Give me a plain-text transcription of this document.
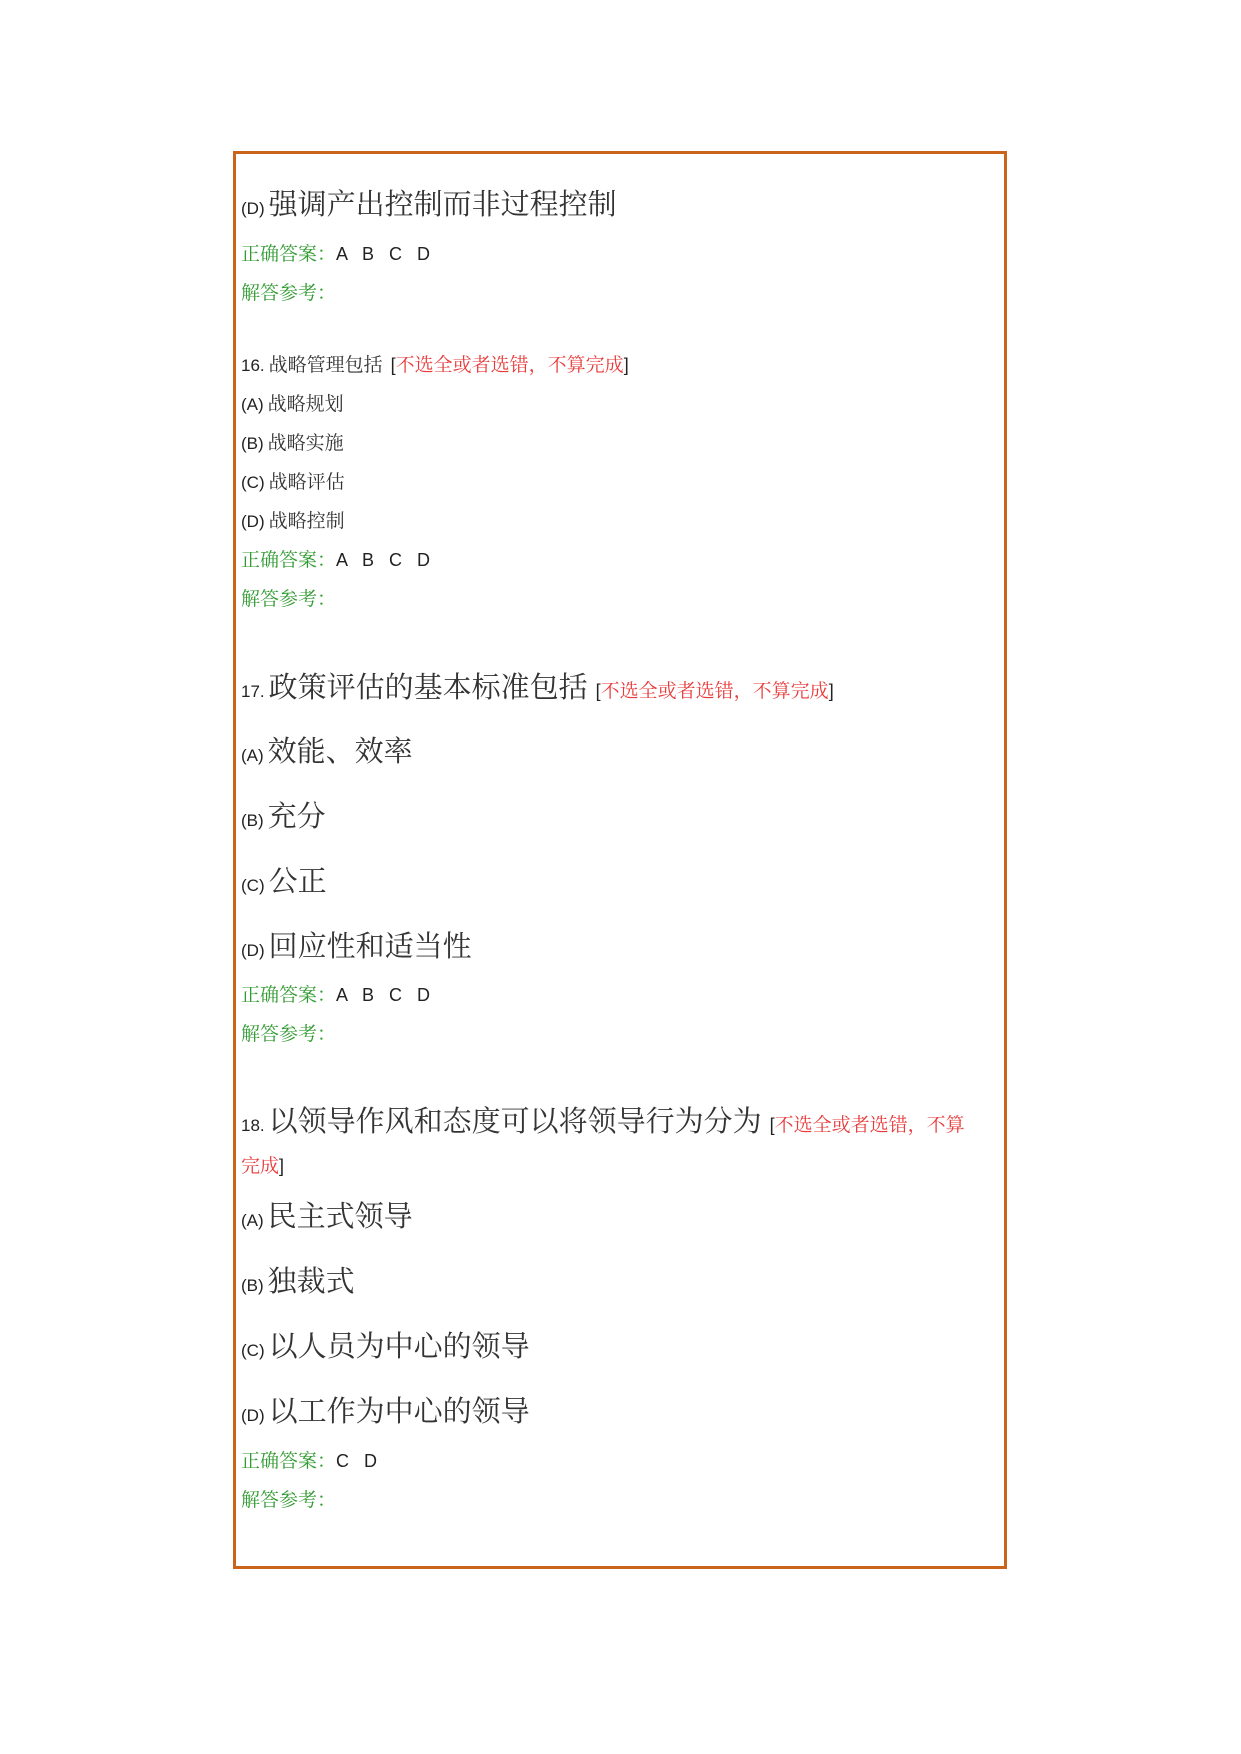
(D) 强调产出控制而非过程控制
正确答案：A B C D
解答参考：
16. 战略管理包括 [不选全或者选错，不算完成]
(A) 战略规划
(B) 战略实施
(C) 战略评估
(D) 战略控制
正确答案：A B C D
解答参考：
17. 政策评估的基本标准包括 [不选全或者选错，不算完成]
(A) 效能、效率
(B) 充分
(C) 公正
(D) 回应性和适当性
正确答案：A B C D
解答参考：
18. 以领导作风和态度可以将领导行为分为 [不选全或者选错，不算
完成]
(A) 民主式领导
(B) 独裁式
(C) 以人员为中心的领导
(D) 以工作为中心的领导
正确答案：C D
解答参考：
